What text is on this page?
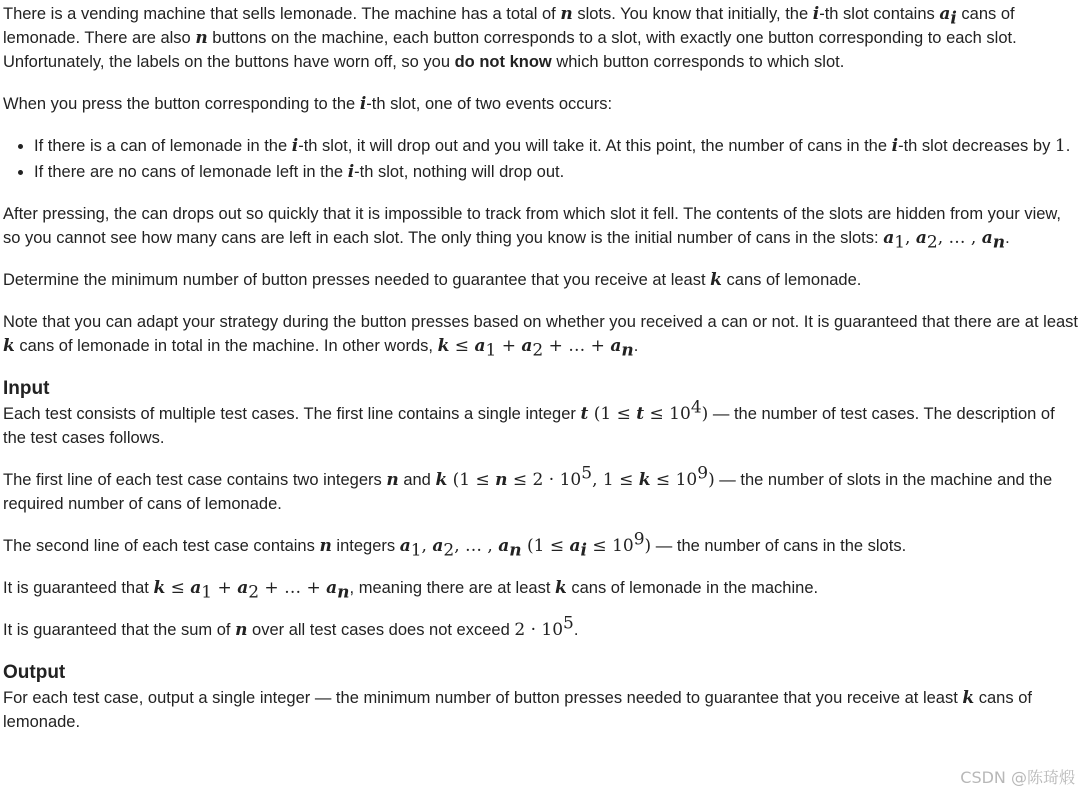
There is a vending machine that sells lemonade. The machine has a total of n slots. You know that initially, the i-th slot contains $a_i$ cans of lemonade. There are also n buttons on the machine, each button corresponds to a slot, with exactly one button corresponding to each slot. Unfortunately, the labels on the buttons have worn off, so you do not know which button corresponds to which slot.

When you press the button corresponding to the i-th slot, one of two events occurs:

• If there is a can of lemonade in the i-th slot, it will drop out and you will take it. At this point, the number of cans in the i-th slot decreases by 1.
• If there are no cans of lemonade left in the i-th slot, nothing will drop out.

After pressing, the can drops out so quickly that it is impossible to track from which slot it fell. The contents of the slots are hidden from your view, so you cannot see how many cans are left in each slot. The only thing you know is the initial number of cans in the slots: $a_1$, $a_2$, … , $a_n$.

Determine the minimum number of button presses needed to guarantee that you receive at least k cans of lemonade.

Note that you can adapt your strategy during the button presses based on whether you received a can or not. It is guaranteed that there are at least k cans of lemonade in total in the machine. In other words, $k \le a_1 + a_2$ + … + $a_n$.

Input

Each test consists of multiple test cases. The first line contains a single integer t $(1 \le t \le 10^4)$ — the number of test cases. The description of the test cases follows.

The first line of each test case contains two integers n and k ($1 \le n \le 2 \cdot 10^5$, $1 \le k \le 10^9$) — the number of slots in the machine and the required number of cans of lemonade.

The second line of each test case contains n integers $a_1$, $a_2$, … , $a_n$ $(1 \le a_i \le 10^9)$ — the number of cans in the slots.

It is guaranteed that $k \le a_1 + a_2$ + … + $a_n$, meaning there are at least k cans of lemonade in the machine.

It is guaranteed that the sum of n over all test cases does not exceed $2 \cdot 10^5$.

Output

For each test case, output a single integer — the minimum number of button presses needed to guarantee that you receive at least k cans of lemonade.

CSDN @陈琦煅
